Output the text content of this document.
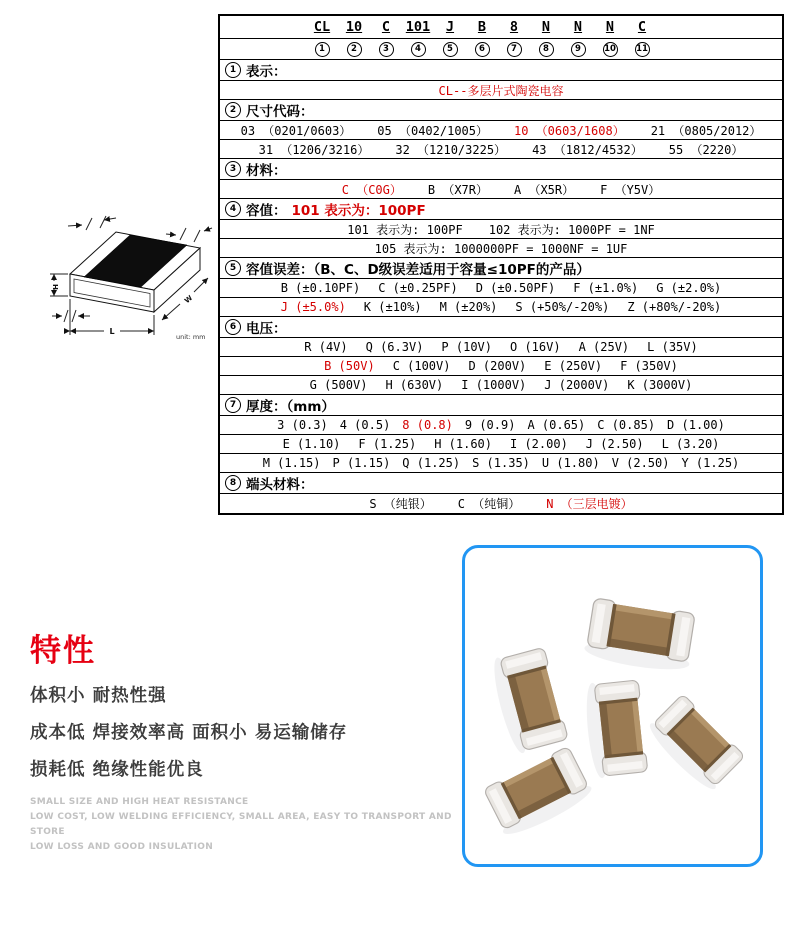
L
H
W
unit: mm
CL	10	C	101	J	B	8	N	N	N	C
1	2	3	4	5	6	7	8	9	10 11
1 表示：
CL--多层片式陶瓷电容
2 尺寸代码：
03 （0201/0603） 05 （0402/1005） 10 （0603/1608） 21 （0805/2012）
31 （1206/3216） 32 （1210/3225） 43 （1812/4532） 55 （2220）
3 材料：
C （C0G） B （X7R） A （X5R） F （Y5V）
4 容值： 101 表示为：100PF
101 表示为: 100PF 102 表示为: 1000PF = 1NF
105 表示为: 1000000PF = 1000NF = 1UF
5 容值误差：（B、C、D级误差适用于容量≤10PF的产品）
B (±0.10PF) C (±0.25PF) D (±0.50PF) F (±1.0%) G (±2.0%)
J (±5.0%) K (±10%) M (±20%) S (+50%/-20%) Z (+80%/-20%)
6 电压：
R (4V) Q (6.3V) P (10V) O (16V) A (25V) L (35V)
B (50V) C (100V) D (200V) E (250V) F (350V)
G (500V) H (630V) I (1000V) J (2000V) K (3000V)
7 厚度：（mm）
3 (0.3) 4 (0.5) 8 (0.8) 9 (0.9) A (0.65) C (0.85) D (1.00)
E (1.10) F (1.25) H (1.60) I (2.00) J (2.50) L (3.20)
M (1.15) P (1.15) Q (1.25) S (1.35) U (1.80) V (2.50) Y (1.25)
8 端头材料：
S （纯银） C （纯铜） N （三层电镀）
特性
体积小 耐热性强
成本低 焊接效率高 面积小 易运输储存
损耗低 绝缘性能优良
SMALL SIZE AND HIGH HEAT RESISTANCE
LOW COST, LOW WELDING EFFICIENCY, SMALL AREA, EASY TO TRANSPORT AND STORE
LOW LOSS AND GOOD INSULATION
